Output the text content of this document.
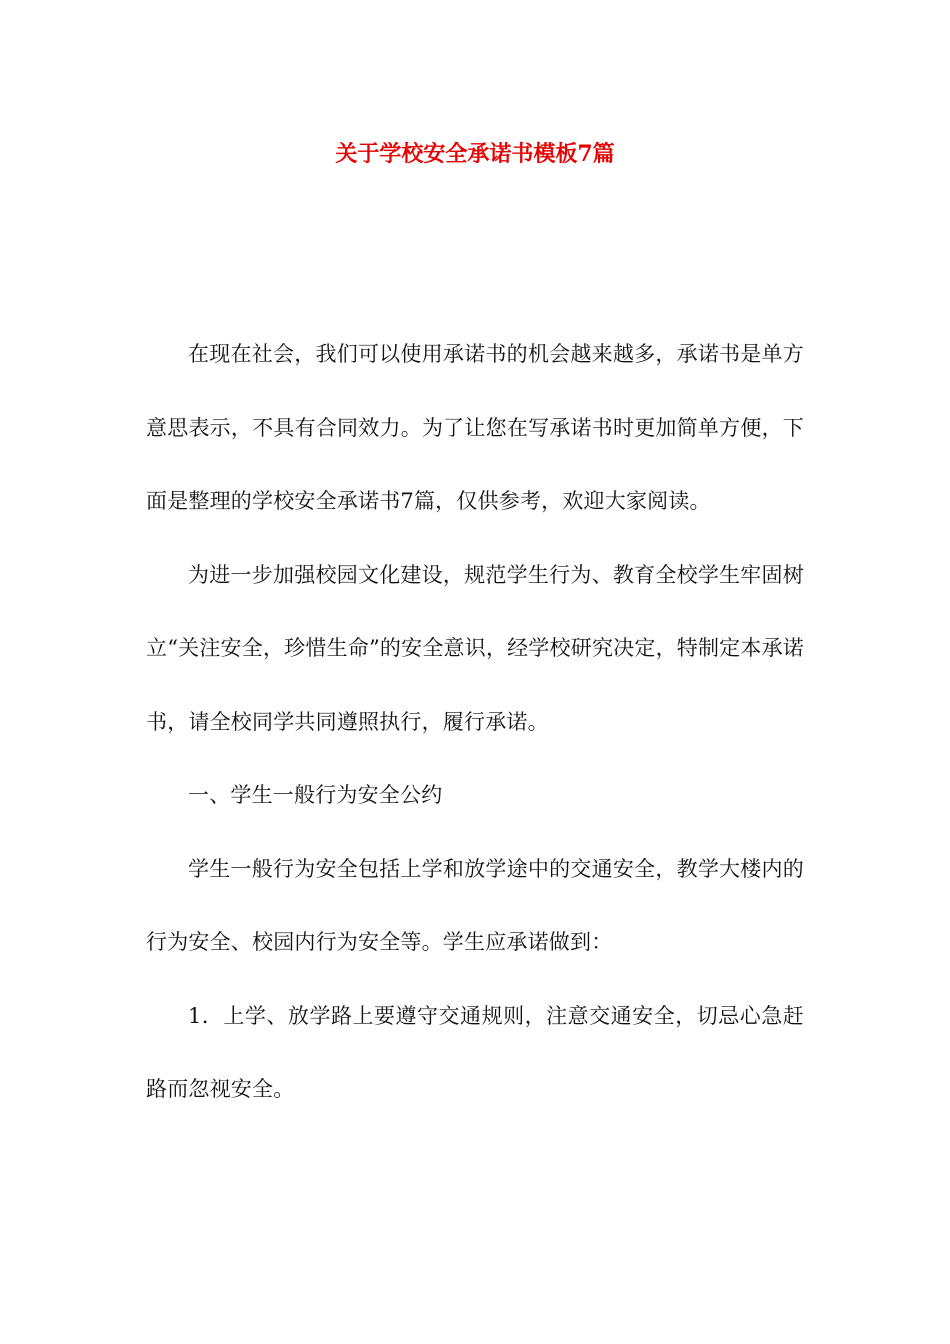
关于学校安全承诺书模板7篇

在现在社会，我们可以使用承诺书的机会越来越多，承诺书是单方意思表示，不具有合同效力。为了让您在写承诺书时更加简单方便，下面是整理的学校安全承诺书7篇，仅供参考，欢迎大家阅读。

为进一步加强校园文化建设，规范学生行为、教育全校学生牢固树立“关注安全，珍惜生命”的安全意识，经学校研究决定，特制定本承诺书，请全校同学共同遵照执行，履行承诺。

一、学生一般行为安全公约

学生一般行为安全包括上学和放学途中的交通安全，教学大楼内的行为安全、校园内行为安全等。学生应承诺做到：

1．上学、放学路上要遵守交通规则，注意交通安全，切忌心急赶路而忽视安全。
